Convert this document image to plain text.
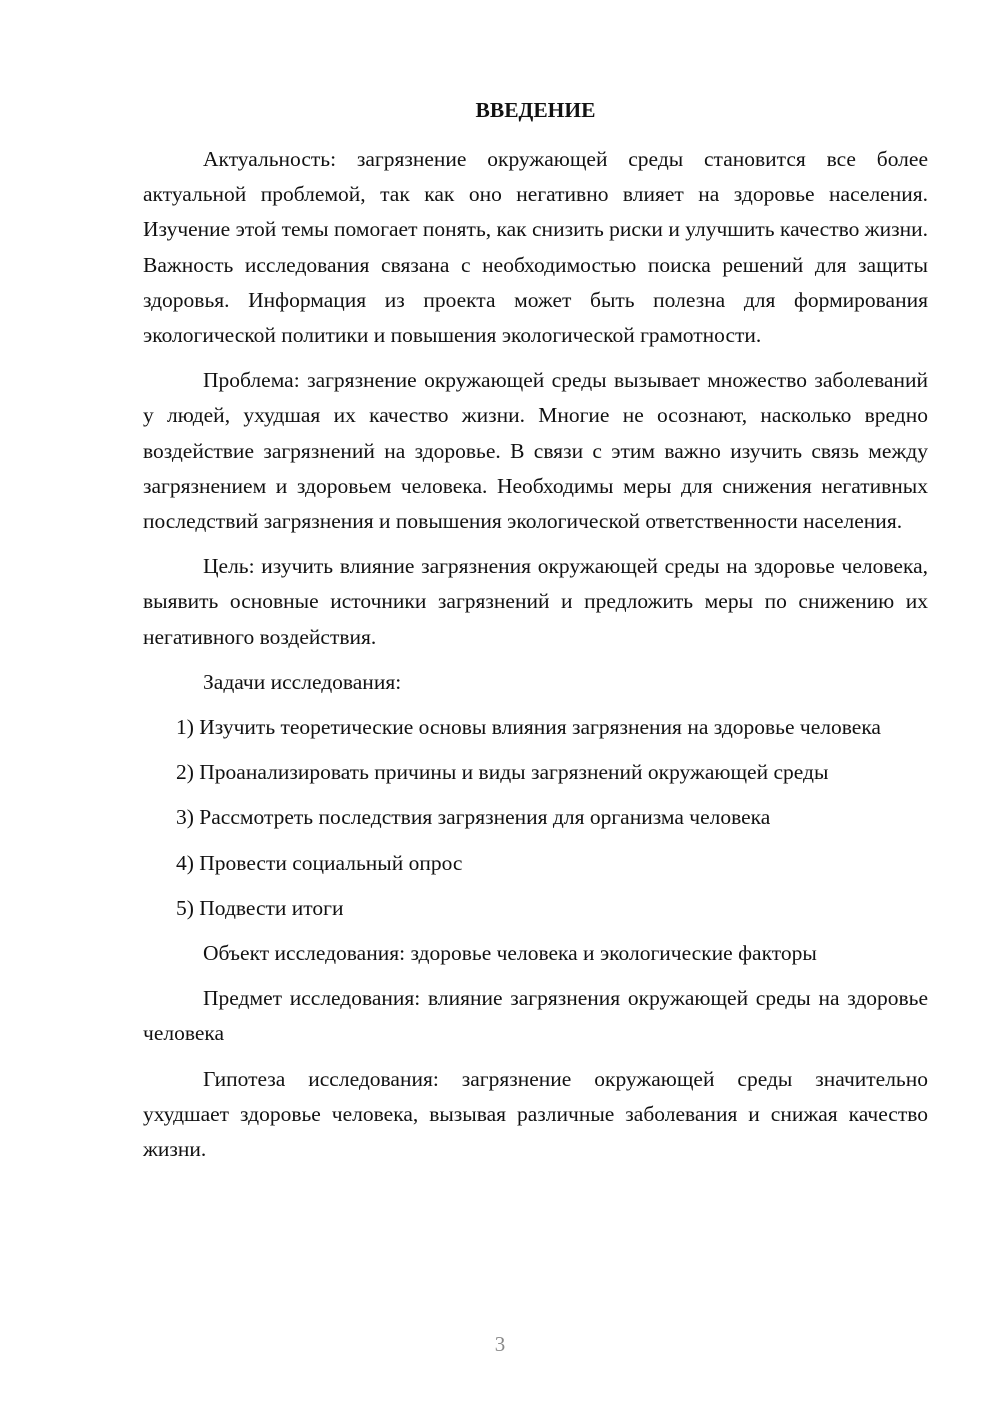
ВВЕДЕНИЕ

Актуальность: загрязнение окружающей среды становится все более актуальной проблемой, так как оно негативно влияет на здоровье населения. Изучение этой темы помогает понять, как снизить риски и улучшить качество жизни. Важность исследования связана с необходимостью поиска решений для защиты здоровья. Информация из проекта может быть полезна для формирования экологической политики и повышения экологической грамотности.

Проблема: загрязнение окружающей среды вызывает множество заболеваний у людей, ухудшая их качество жизни. Многие не осознают, насколько вредно воздействие загрязнений на здоровье. В связи с этим важно изучить связь между загрязнением и здоровьем человека. Необходимы меры для снижения негативных последствий загрязнения и повышения экологической ответственности населения.

Цель: изучить влияние загрязнения окружающей среды на здоровье человека, выявить основные источники загрязнений и предложить меры по снижению их негативного воздействия.

Задачи исследования:

1) Изучить теоретические основы влияния загрязнения на здоровье человека

2) Проанализировать причины и виды загрязнений окружающей среды

3) Рассмотреть последствия загрязнения для организма человека

4) Провести социальный опрос

5) Подвести итоги

Объект исследования: здоровье человека и экологические факторы

Предмет исследования: влияние загрязнения окружающей среды на здоровье человека

Гипотеза исследования: загрязнение окружающей среды значительно ухудшает здоровье человека, вызывая различные заболевания и снижая качество жизни.

3
